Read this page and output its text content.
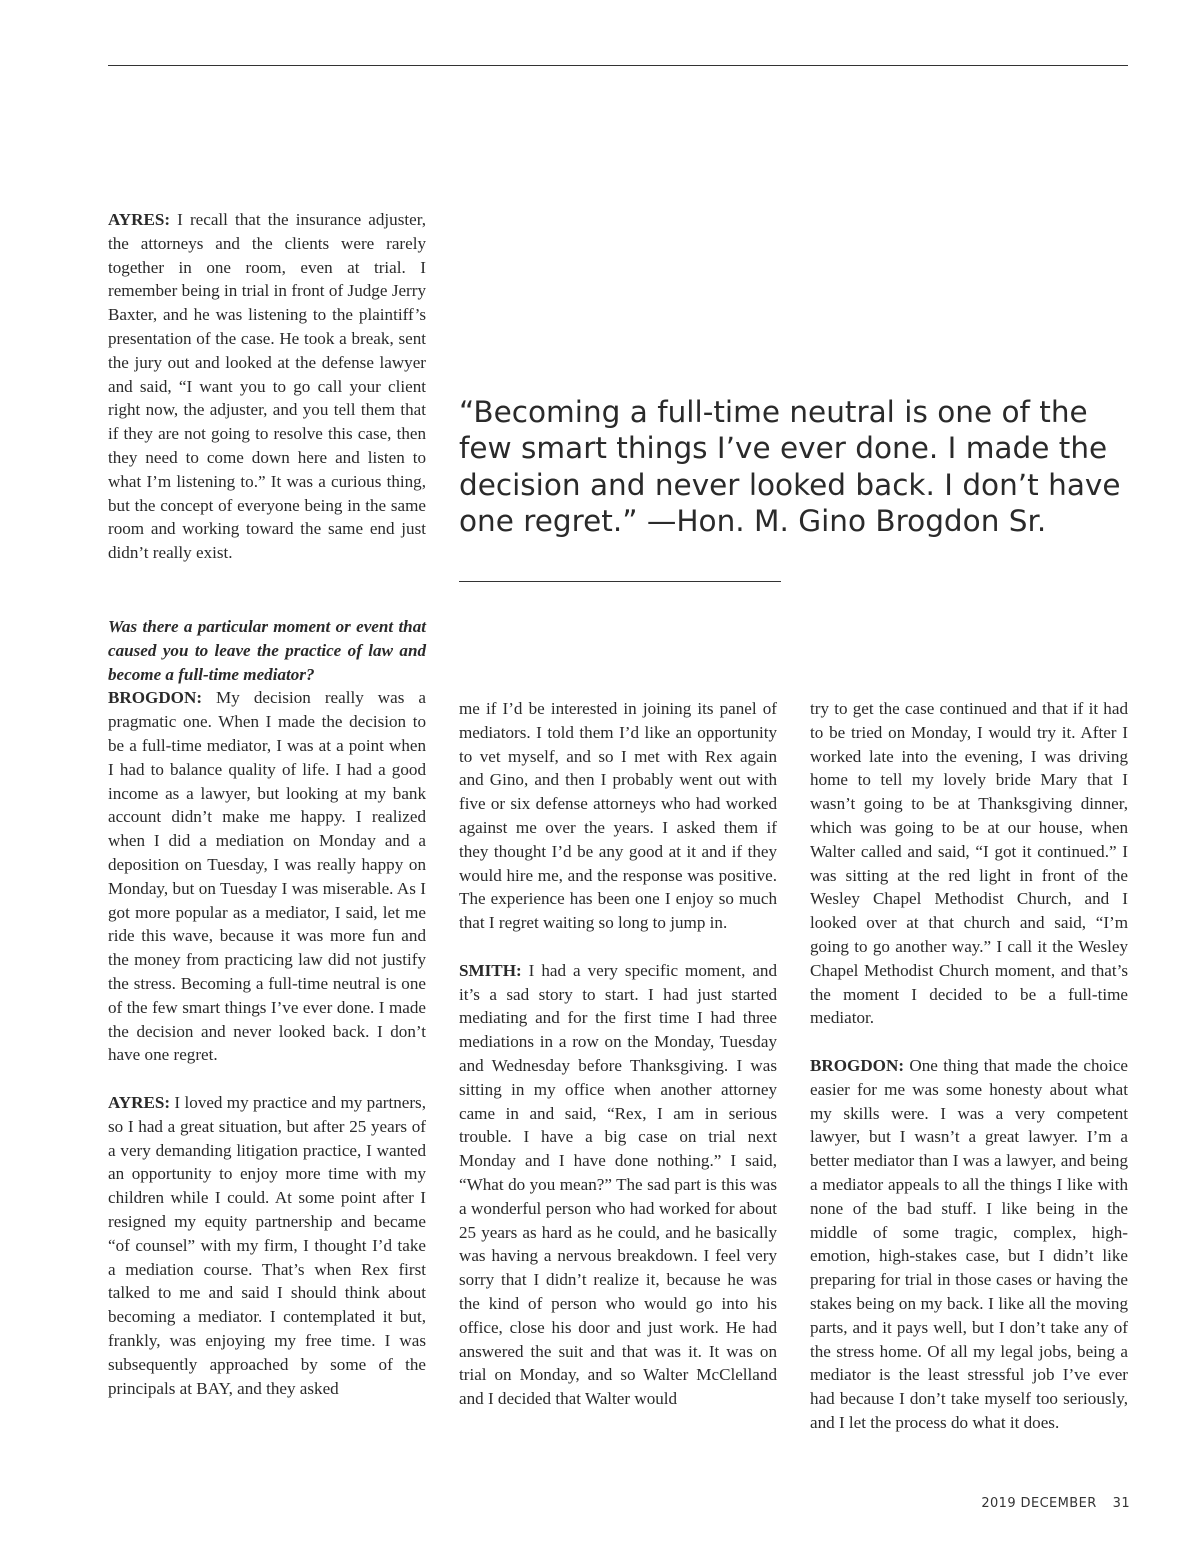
AYRES: I recall that the insurance adjuster, the attorneys and the clients were rarely together in one room, even at trial. I remember being in trial in front of Judge Jerry Baxter, and he was listening to the plaintiff’s presentation of the case. He took a break, sent the jury out and looked at the defense lawyer and said, “I want you to go call your client right now, the adjuster, and you tell them that if they are not going to resolve this case, then they need to come down here and listen to what I’m listening to.” It was a curious thing, but the concept of everyone being in the same room and working toward the same end just didn’t really exist.

Was there a particular moment or event that caused you to leave the practice of law and become a full-time mediator?
BROGDON: My decision really was a pragmatic one. When I made the decision to be a full-time mediator, I was at a point when I had to balance quality of life. I had a good income as a lawyer, but looking at my bank account didn’t make me happy. I realized when I did a mediation on Monday and a deposition on Tuesday, I was really happy on Monday, but on Tuesday I was miserable. As I got more popular as a mediator, I said, let me ride this wave, because it was more fun and the money from practicing law did not justify the stress. Becoming a full-time neutral is one of the few smart things I’ve ever done. I made the decision and never looked back. I don’t have one regret.

AYRES: I loved my practice and my partners, so I had a great situation, but after 25 years of a very demanding litigation practice, I wanted an opportunity to enjoy more time with my children while I could. At some point after I resigned my equity partnership and became “of counsel” with my firm, I thought I’d take a mediation course. That’s when Rex first talked to me and said I should think about becoming a mediator. I contemplated it but, frankly, was enjoying my free time. I was subsequently approached by some of the principals at BAY, and they asked

“Becoming a full-time neutral is one of the few smart things I’ve ever done. I made the decision and never looked back. I don’t have one regret.” —Hon. M. Gino Brogdon Sr.

me if I’d be interested in joining its panel of mediators. I told them I’d like an opportunity to vet myself, and so I met with Rex again and Gino, and then I probably went out with five or six defense attorneys who had worked against me over the years. I asked them if they thought I’d be any good at it and if they would hire me, and the response was positive. The experience has been one I enjoy so much that I regret waiting so long to jump in.

SMITH: I had a very specific moment, and it’s a sad story to start. I had just started mediating and for the first time I had three mediations in a row on the Monday, Tuesday and Wednesday before Thanksgiving. I was sitting in my office when another attorney came in and said, “Rex, I am in serious trouble. I have a big case on trial next Monday and I have done nothing.” I said, “What do you mean?” The sad part is this was a wonderful person who had worked for about 25 years as hard as he could, and he basically was having a nervous breakdown. I feel very sorry that I didn’t realize it, because he was the kind of person who would go into his office, close his door and just work. He had answered the suit and that was it. It was on trial on Monday, and so Walter McClelland and I decided that Walter would

try to get the case continued and that if it had to be tried on Monday, I would try it. After I worked late into the evening, I was driving home to tell my lovely bride Mary that I wasn’t going to be at Thanksgiving dinner, which was going to be at our house, when Walter called and said, “I got it continued.” I was sitting at the red light in front of the Wesley Chapel Methodist Church, and I looked over at that church and said, “I’m going to go another way.” I call it the Wesley Chapel Methodist Church moment, and that’s the moment I decided to be a full-time mediator.

BROGDON: One thing that made the choice easier for me was some honesty about what my skills were. I was a very competent lawyer, but I wasn’t a great lawyer. I’m a better mediator than I was a lawyer, and being a mediator appeals to all the things I like with none of the bad stuff. I like being in the middle of some tragic, complex, high-emotion, high-stakes case, but I didn’t like preparing for trial in those cases or having the stakes being on my back. I like all the moving parts, and it pays well, but I don’t take any of the stress home. Of all my legal jobs, being a mediator is the least stressful job I’ve ever had because I don’t take myself too seriously, and I let the process do what it does.

2019 DECEMBER 31
